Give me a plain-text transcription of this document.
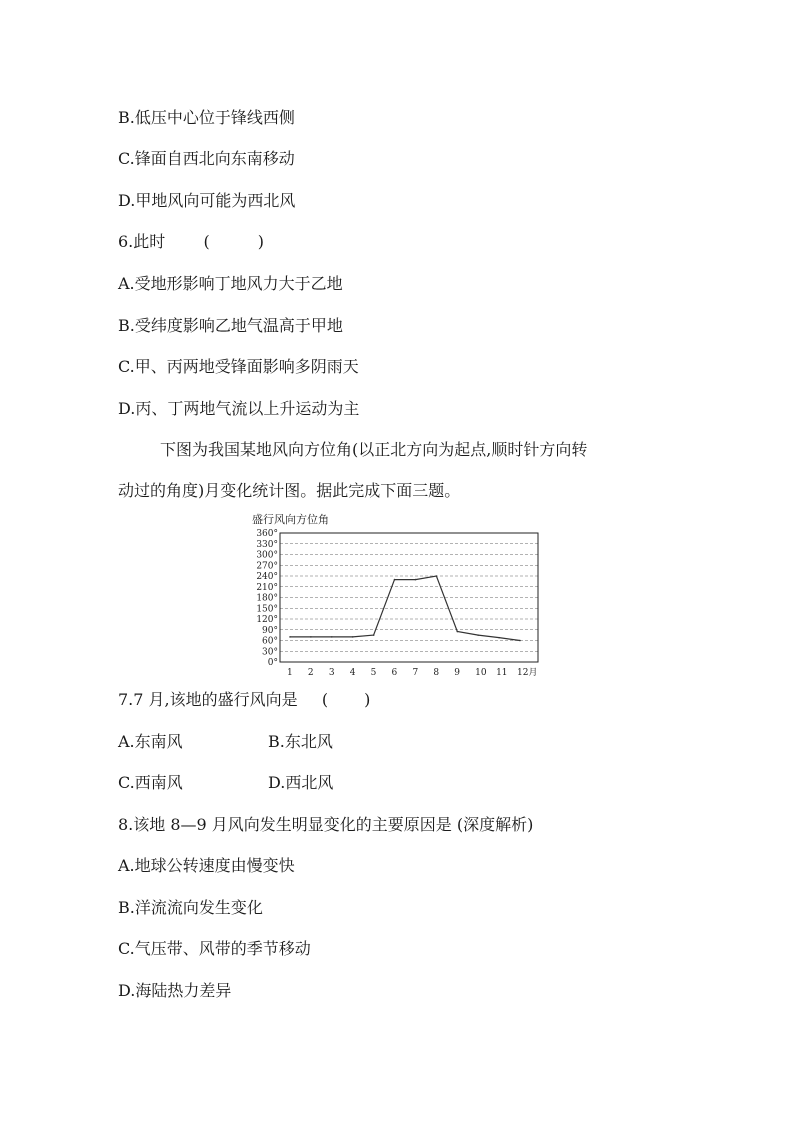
B.低压中心位于锋线西侧
C.锋面自西北向东南移动
D.甲地风向可能为西北风
6.此时 (	)
A.受地形影响丁地风力大于乙地
B.受纬度影响乙地气温高于甲地
C.甲、丙两地受锋面影响多阴雨天
D.丙、丁两地气流以上升运动为主
下图为我国某地风向方位角(以正北方向为起点,顺时针方向转
动过的角度)月变化统计图。据此完成下面三题。
盛行风向方位角
0°
30°
60°
90°
120°
150°
180°
210°
240°
270°
300°
330°
360°
1 2 3 4 5 6 7 8 9 10 11 12月
7.7 月,该地的盛行风向是 ( )
A.东南风	B.东北风
C.西南风	D.西北风
8.该地 8—9 月风向发生明显变化的主要原因是 (深度解析)
A.地球公转速度由慢变快
B.洋流流向发生变化
C.气压带、风带的季节移动
D.海陆热力差异
